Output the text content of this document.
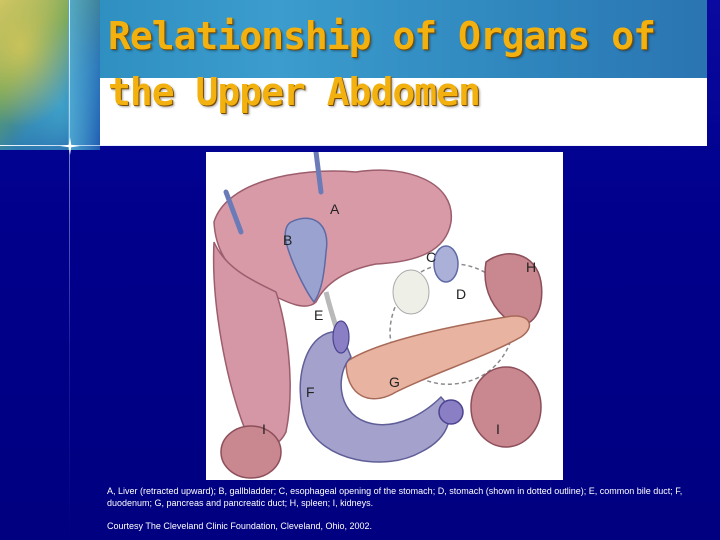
Relationship of Organs of
the Upper Abdomen
A
B
C
H
D
E
G
F
I	I

A, Liver (retracted upward); B, gallbladder; C, esophageal opening of the stomach; D, stomach (shown in dotted outline); E, common bile duct; F, duodenum; G, pancreas and pancreatic duct; H, spleen; I, kidneys.

Courtesy The Cleveland Clinic Foundation, Cleveland, Ohio, 2002.
